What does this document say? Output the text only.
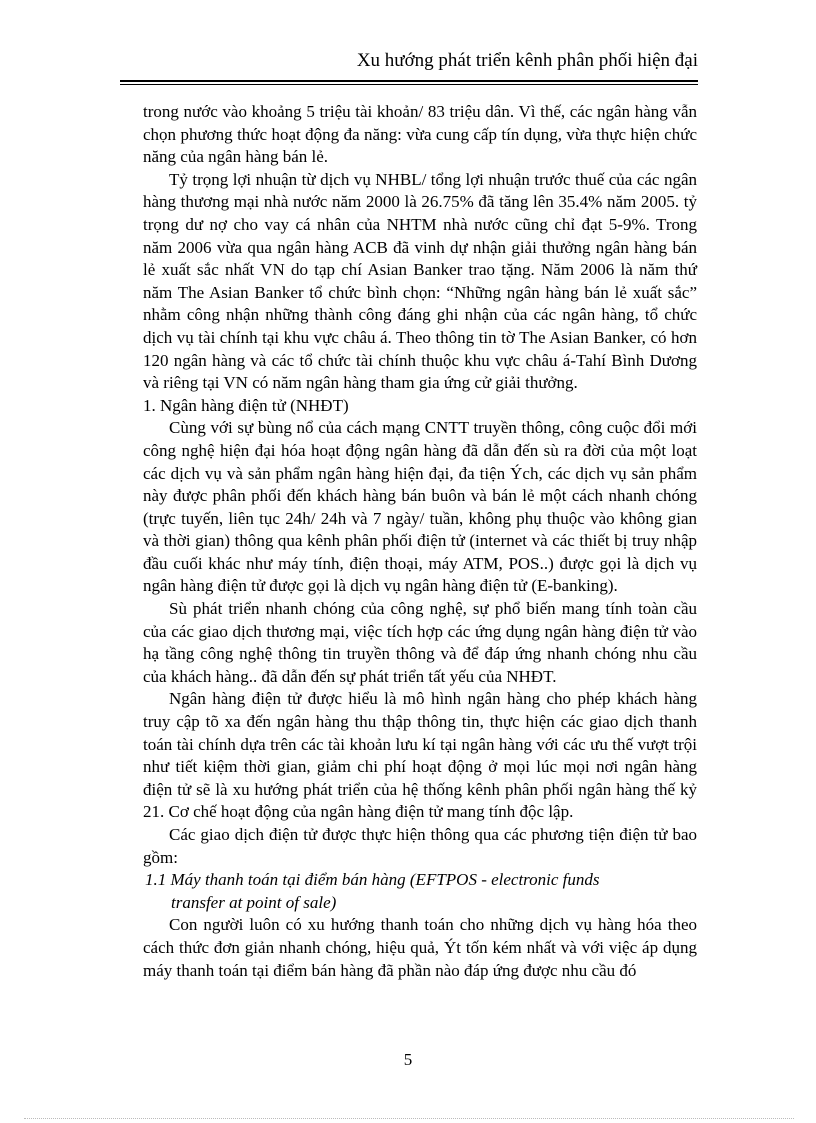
Xu hướng phát triển kênh phân phối hiện đại

trong nước vào khoảng 5 triệu tài khoản/ 83 triệu dân. Vì thế, các ngân hàng vẫn chọn phương thức hoạt động đa năng: vừa cung cấp tín dụng, vừa thực hiện chức năng của ngân hàng bán lẻ.

Tỷ trọng lợi nhuận từ dịch vụ NHBL/ tổng lợi nhuận trước thuế của các ngân hàng thương mại nhà nước năm 2000 là 26.75% đã tăng lên 35.4% năm 2005. tỷ trọng dư nợ cho vay cá nhân của NHTM nhà nước cũng chỉ đạt 5-9%. Trong năm 2006 vừa qua ngân hàng ACB đã vinh dự nhận giải thưởng ngân hàng bán lẻ xuất sắc nhất VN do tạp chí Asian Banker trao tặng. Năm 2006 là năm thứ năm The Asian Banker tổ chức bình chọn: “Những ngân hàng bán lẻ xuất sắc” nhằm công nhận những thành công đáng ghi nhận của các ngân hàng, tổ chức dịch vụ tài chính tại khu vực châu á. Theo thông tin tờ The Asian Banker, có hơn 120 ngân hàng và các tổ chức tài chính thuộc khu vực châu á-Tahí Bình Dương và riêng tại VN có năm ngân hàng tham gia ứng cử giải thưởng.

1. Ngân hàng điện tử (NHĐT)

Cùng với sự bùng nổ của cách mạng CNTT truyền thông, công cuộc đổi mới công nghệ hiện đại hóa hoạt động ngân hàng đã dẫn đến sù ra đời của một loạt các dịch vụ và sản phẩm ngân hàng hiện đại, đa tiện Ých, các dịch vụ sản phẩm này được phân phối đến khách hàng bán buôn và bán lẻ một cách nhanh chóng (trực tuyến, liên tục 24h/ 24h và 7 ngày/ tuần, không phụ thuộc vào không gian và thời gian) thông qua kênh phân phối điện tử (internet và các thiết bị truy nhập đầu cuối khác như máy tính, điện thoại, máy ATM, POS..) được gọi là dịch vụ ngân hàng điện tử được gọi là dịch vụ ngân hàng điện tử (E-banking).

Sù phát triển nhanh chóng của công nghệ, sự phổ biến mang tính toàn cầu của các giao dịch thương mại, việc tích hợp các ứng dụng ngân hàng điện tử vào hạ tầng công nghệ thông tin truyền thông và để đáp ứng nhanh chóng nhu cầu của khách hàng.. đã dẫn đến sự phát triển tất yếu của NHĐT.

Ngân hàng điện tử được hiểu là mô hình ngân hàng cho phép khách hàng truy cập tõ xa đến ngân hàng thu thập thông tin, thực hiện các giao dịch thanh toán tài chính dựa trên các tài khoản lưu kí tại ngân hàng với các ưu thế vượt trội như tiết kiệm thời gian, giảm chi phí hoạt động ở mọi lúc mọi nơi ngân hàng điện tử sẽ là xu hướng phát triển của hệ thống kênh phân phối ngân hàng thế kỷ 21. Cơ chế hoạt động của ngân hàng điện tử mang tính độc lập.

Các giao dịch điện tử được thực hiện thông qua các phương tiện điện tử bao gồm:

1.1 Máy thanh toán tại điểm bán hàng (EFTPOS - electronic funds
transfer at point of sale)

Con người luôn có xu hướng thanh toán cho những dịch vụ hàng hóa theo cách thức đơn giản nhanh chóng, hiệu quả, Ýt tốn kém nhất và với việc áp dụng máy thanh toán tại điểm bán hàng đã phần nào đáp ứng được nhu cầu đó

5
